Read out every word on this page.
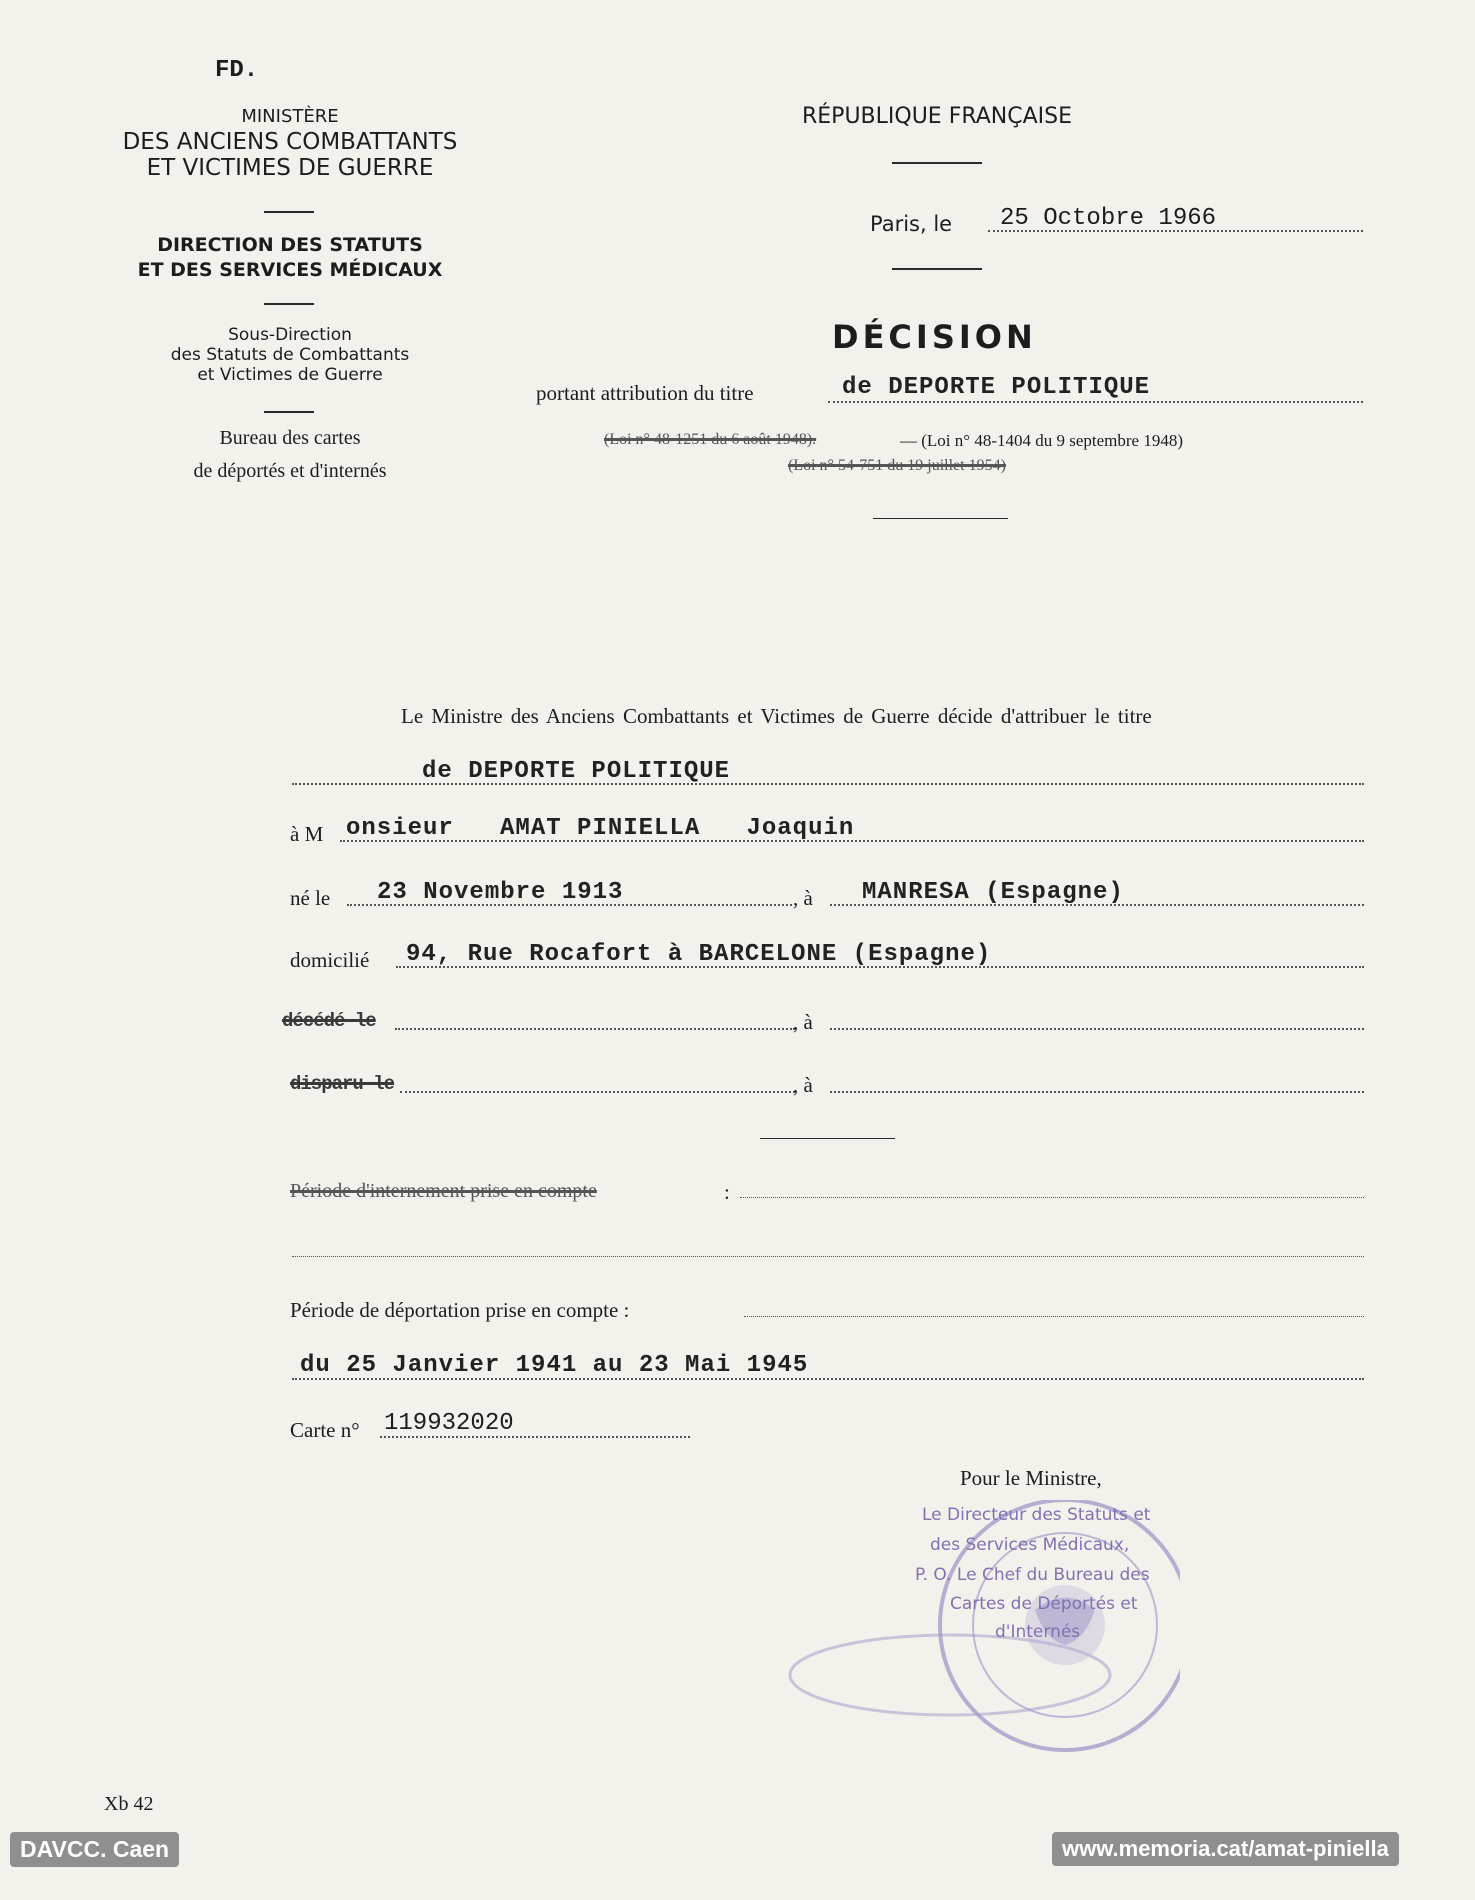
FD.
MINISTÈRE
DES ANCIENS COMBATTANTS
ET VICTIMES DE GUERRE
DIRECTION DES STATUTS
ET DES SERVICES MÉDICAUX
Sous-Direction
des Statuts de Combattants
et Victimes de Guerre
Bureau des cartes
de déportés et d'internés
RÉPUBLIQUE FRANÇAISE
Paris, le 25 Octobre 1966
DÉCISION
portant attribution du titre	de DEPORTE POLITIQUE
(Loi n° 48-1251 du 6 août 1948).	— (Loi n° 48-1404 du 9 septembre 1948)
(Loi n° 54-751 du 19 juillet 1954)
Le Ministre des Anciens Combattants et Victimes de Guerre décide d'attribuer le titre
de DEPORTE POLITIQUE
à M onsieur   AMAT PINIELLA   Joaquin
né le 23 Novembre 1913	, à MANRESA (Espagne)
domicilié 94, Rue Rocafort à BARCELONE (Espagne)
décédé le	, à
disparu le	, à
Période d'internement prise en compte	:
Période de déportation prise en compte :
du 25 Janvier 1941 au 23 Mai 1945
Carte n° 119932020
Pour le Ministre,
Le Directeur des Statuts et
des Services Médicaux,
P. O. Le Chef du Bureau des
Cartes de Déportés et
d'Internés
Xb 42
DAVCC. Caen	www.memoria.cat/amat-piniella
